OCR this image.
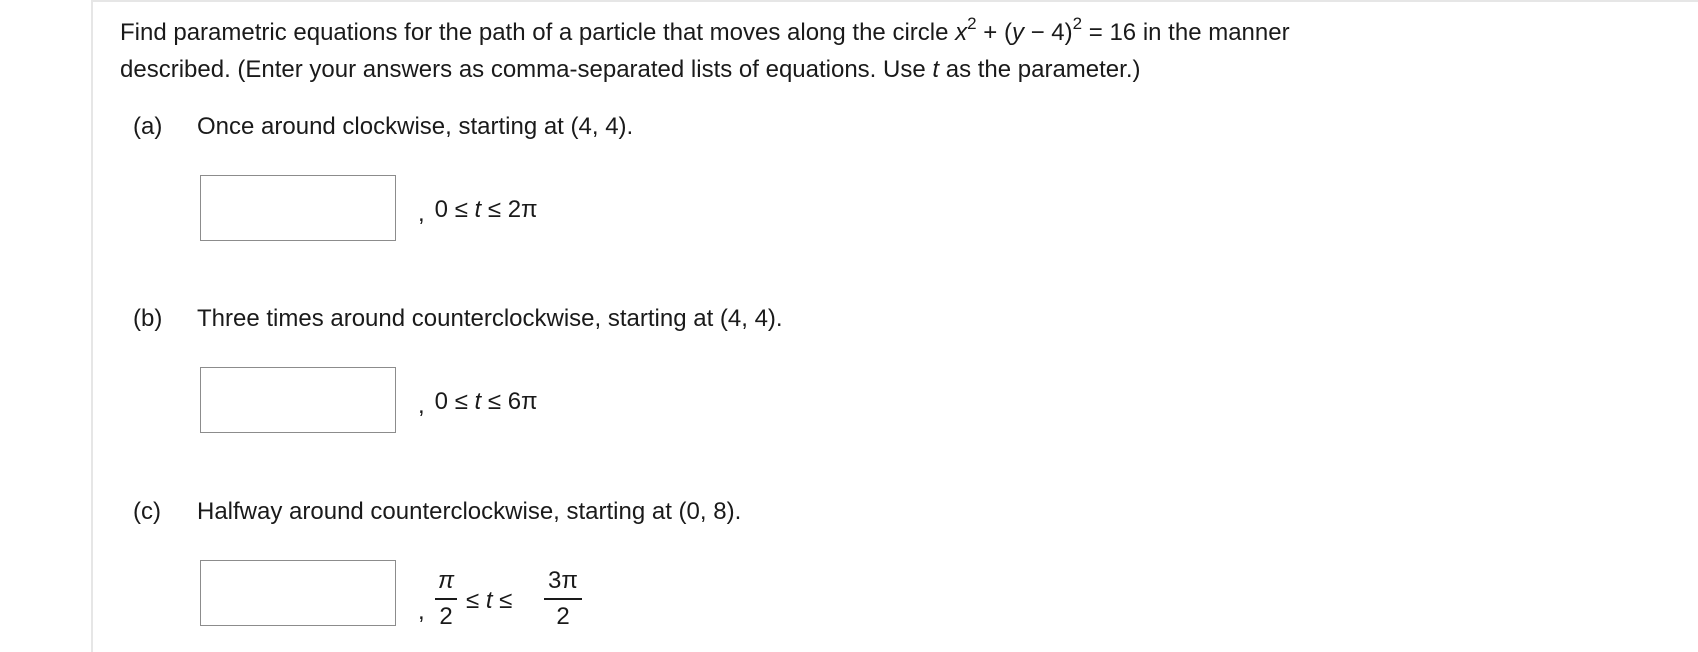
Find parametric equations for the path of a particle that moves along the circle $x^2 + (y - 4)^2 = 16$ in the manner
described. (Enter your answers as comma-separated lists of equations. Use t as the parameter.)

(a) Once around clockwise, starting at (4, 4).
, 0 ≤ t ≤ 2π
(b) Three times around counterclockwise, starting at (4, 4).
, 0 ≤ t ≤ 6π
(c) Halfway around counterclockwise, starting at (0, 8).
,
π
2
≤ t ≤
3π
2
